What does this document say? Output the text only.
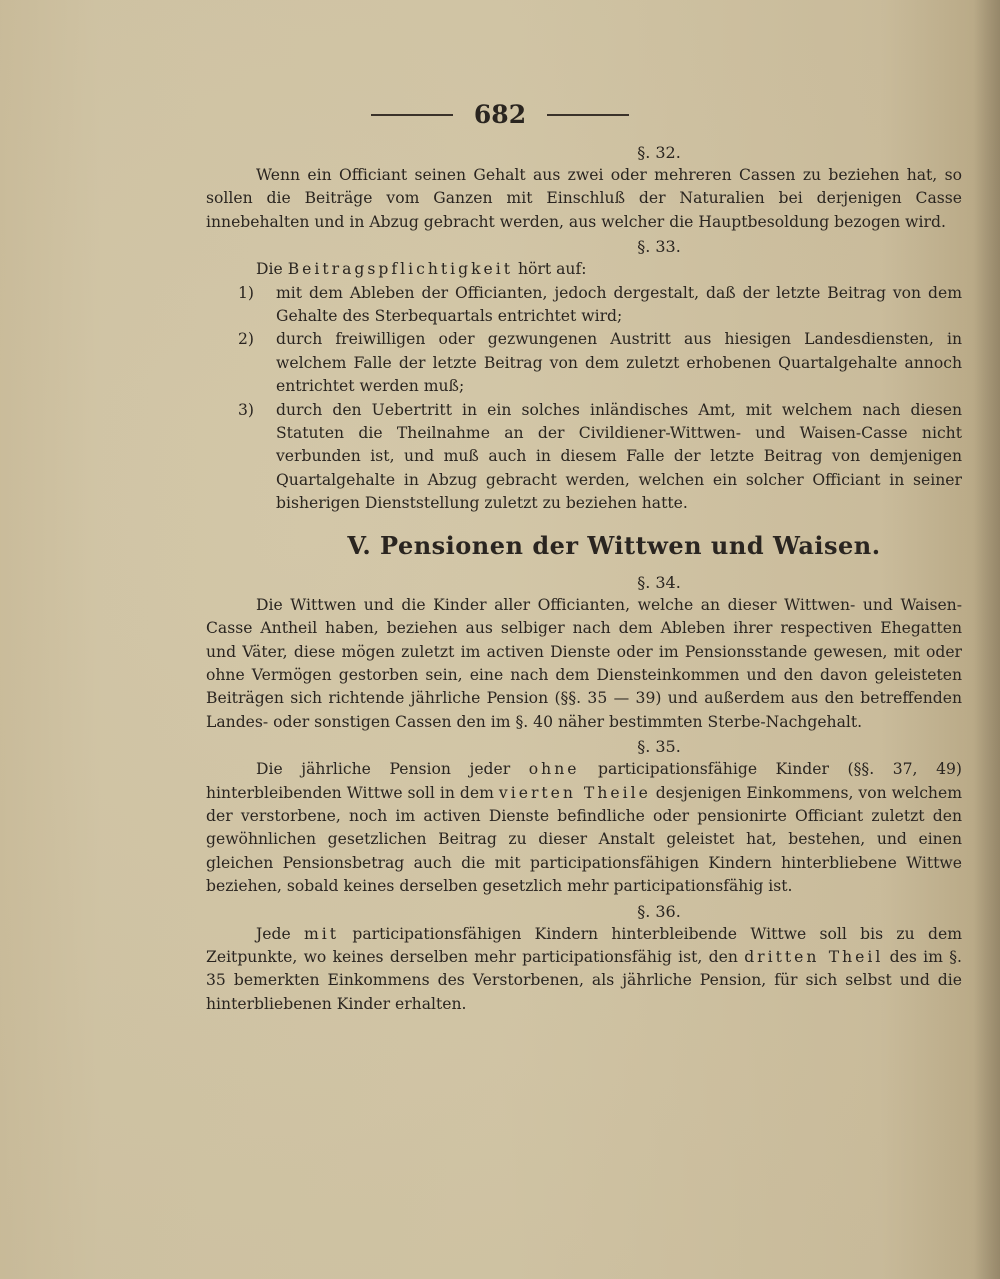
682
§. 32.

Wenn ein Officiant seinen Gehalt aus zwei oder mehreren Cassen zu beziehen hat, so sollen die Beiträge vom Ganzen mit Einschluß der Naturalien bei derjenigen Casse innebehalten und in Abzug gebracht werden, aus welcher die Hauptbesoldung bezogen wird.

§. 33.

Die Beitragspflichtigkeit hört auf:

1) mit dem Ableben der Officianten, jedoch dergestalt, daß der letzte Beitrag von dem Gehalte des Sterbequartals entrichtet wird;

2) durch freiwilligen oder gezwungenen Austritt aus hiesigen Landesdiensten, in welchem Falle der letzte Beitrag von dem zuletzt erhobenen Quartalgehalte annoch entrichtet werden muß;

3) durch den Uebertritt in ein solches inländisches Amt, mit welchem nach diesen Statuten die Theilnahme an der Civildiener-Wittwen- und Waisen-Casse nicht verbunden ist, und muß auch in diesem Falle der letzte Beitrag von demjenigen Quartalgehalte in Abzug gebracht werden, welchen ein solcher Officiant in seiner bisherigen Dienststellung zuletzt zu beziehen hatte.

V. Pensionen der Wittwen und Waisen.
§. 34.

Die Wittwen und die Kinder aller Officianten, welche an dieser Wittwen- und Waisen-Casse Antheil haben, beziehen aus selbiger nach dem Ableben ihrer respectiven Ehegatten und Väter, diese mögen zuletzt im activen Dienste oder im Pensionsstande gewesen, mit oder ohne Vermögen gestorben sein, eine nach dem Diensteinkommen und den davon geleisteten Beiträgen sich richtende jährliche Pension (§§. 35 — 39) und außerdem aus den betreffenden Landes- oder sonstigen Cassen den im §. 40 näher bestimmten Sterbe-Nachgehalt.

§. 35.

Die jährliche Pension jeder ohne participationsfähige Kinder (§§. 37, 49) hinterbleibenden Wittwe soll in dem vierten Theile desjenigen Einkommens, von welchem der verstorbene, noch im activen Dienste befindliche oder pensionirte Officiant zuletzt den gewöhnlichen gesetzlichen Beitrag zu dieser Anstalt geleistet hat, bestehen, und einen gleichen Pensionsbetrag auch die mit participationsfähigen Kindern hinterbliebene Wittwe beziehen, sobald keines derselben gesetzlich mehr participationsfähig ist.

§. 36.

Jede mit participationsfähigen Kindern hinterbleibende Wittwe soll bis zu dem Zeitpunkte, wo keines derselben mehr participationsfähig ist, den dritten Theil des im §. 35 bemerkten Einkommens des Verstorbenen, als jährliche Pension, für sich selbst und die hinterbliebenen Kinder erhalten.
